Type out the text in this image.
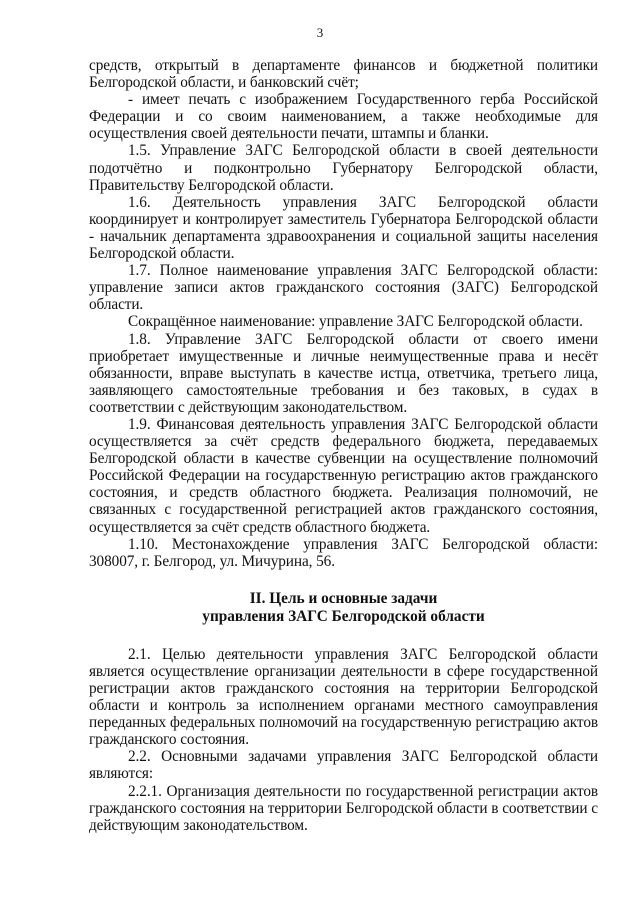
3

средств, открытый в департаменте финансов и бюджетной политики Белгородской области, и банковский счёт;

- имеет печать с изображением Государственного герба Российской Федерации и со своим наименованием, а также необходимые для осуществления своей деятельности печати, штампы и бланки.

1.5. Управление ЗАГС Белгородской области в своей деятельности подотчётно и подконтрольно Губернатору Белгородской области, Правительству Белгородской области.

1.6. Деятельность управления ЗАГС Белгородской области координирует и контролирует заместитель Губернатора Белгородской области - начальник департамента здравоохранения и социальной защиты населения Белгородской области.

1.7. Полное наименование управления ЗАГС Белгородской области: управление записи актов гражданского состояния (ЗАГС) Белгородской области.

Сокращённое наименование: управление ЗАГС Белгородской области.

1.8. Управление ЗАГС Белгородской области от своего имени приобретает имущественные и личные неимущественные права и несёт обязанности, вправе выступать в качестве истца, ответчика, третьего лица, заявляющего самостоятельные требования и без таковых, в судах в соответствии с действующим законодательством.

1.9. Финансовая деятельность управления ЗАГС Белгородской области осуществляется за счёт средств федерального бюджета, передаваемых Белгородской области в качестве субвенции на осуществление полномочий Российской Федерации на государственную регистрацию актов гражданского состояния, и средств областного бюджета. Реализация полномочий, не связанных с государственной регистрацией актов гражданского состояния, осуществляется за счёт средств областного бюджета.

1.10. Местонахождение управления ЗАГС Белгородской области: 308007, г. Белгород, ул. Мичурина, 56.

II. Цель и основные задачи
управления ЗАГС Белгородской области

2.1. Целью деятельности управления ЗАГС Белгородской области является осуществление организации деятельности в сфере государственной регистрации актов гражданского состояния на территории Белгородской области и контроль за исполнением органами местного самоуправления переданных федеральных полномочий на государственную регистрацию актов гражданского состояния.

2.2. Основными задачами управления ЗАГС Белгородской области являются:

2.2.1. Организация деятельности по государственной регистрации актов гражданского состояния на территории Белгородской области в соответствии с действующим законодательством.
